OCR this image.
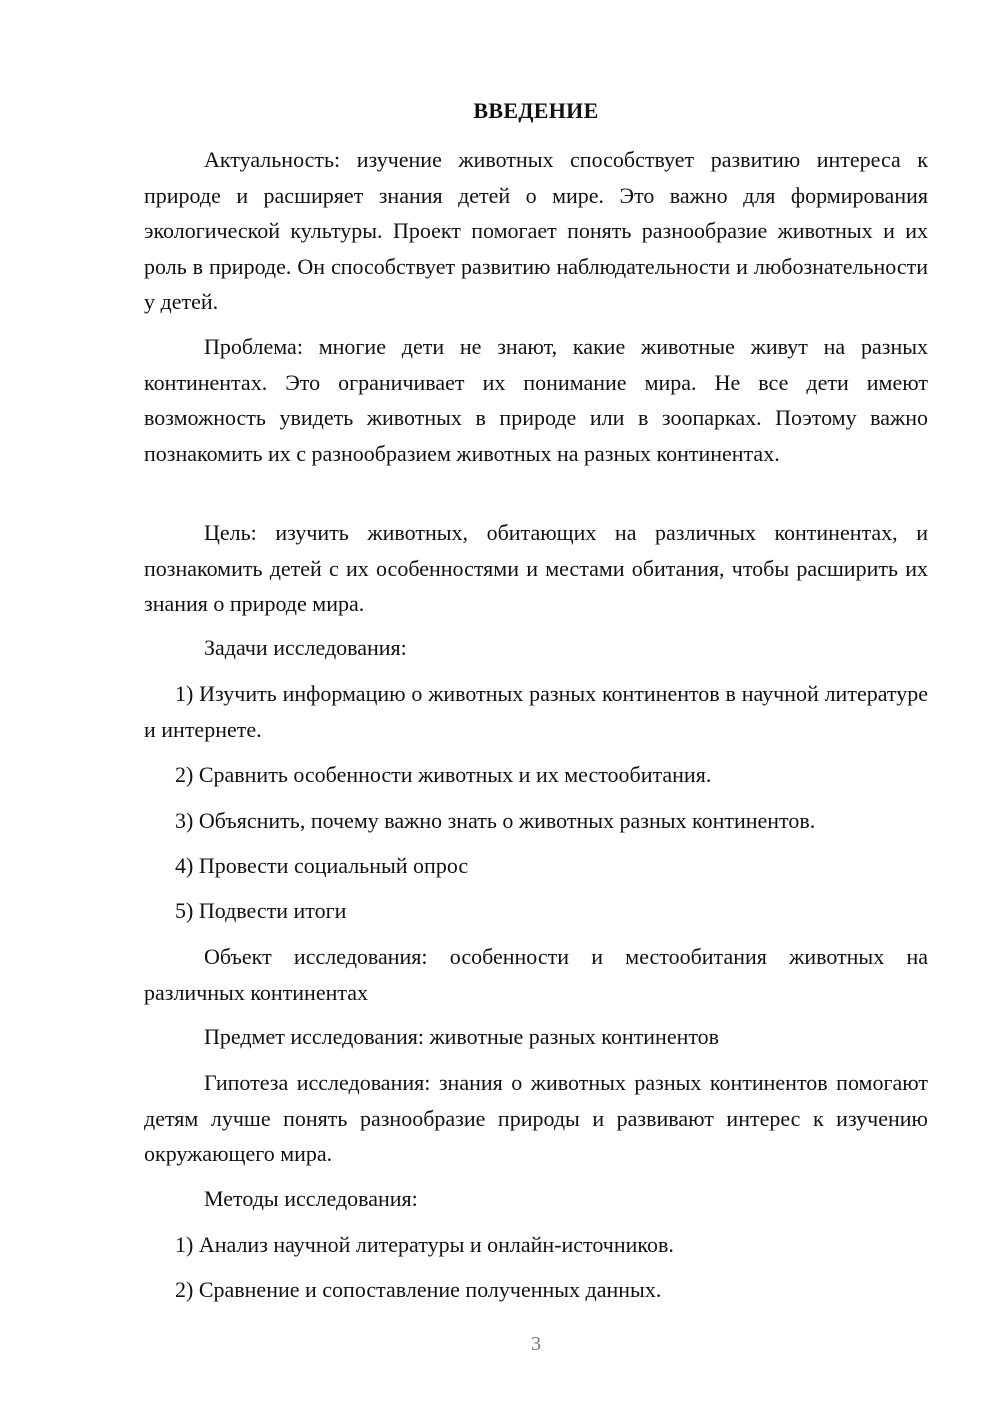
ВВЕДЕНИЕ

Актуальность: изучение животных способствует развитию интереса к природе и расширяет знания детей о мире. Это важно для формирования экологической культуры. Проект помогает понять разнообразие животных и их роль в природе. Он способствует развитию наблюдательности и любознательности у детей.

Проблема: многие дети не знают, какие животные живут на разных континентах. Это ограничивает их понимание мира. Не все дети имеют возможность увидеть животных в природе или в зоопарках. Поэтому важно познакомить их с разнообразием животных на разных континентах.

Цель: изучить животных, обитающих на различных континентах, и познакомить детей с их особенностями и местами обитания, чтобы расширить их знания о природе мира.

Задачи исследования:

1) Изучить информацию о животных разных континентов в научной литературе и интернете.

2) Сравнить особенности животных и их местообитания.

3) Объяснить, почему важно знать о животных разных континентов.

4) Провести социальный опрос

5) Подвести итоги

Объект исследования: особенности и местообитания животных на различных континентах

Предмет исследования: животные разных континентов

Гипотеза исследования: знания о животных разных континентов помогают детям лучше понять разнообразие природы и развивают интерес к изучению окружающего мира.

Методы исследования:

1) Анализ научной литературы и онлайн-источников.

2) Сравнение и сопоставление полученных данных.

3
